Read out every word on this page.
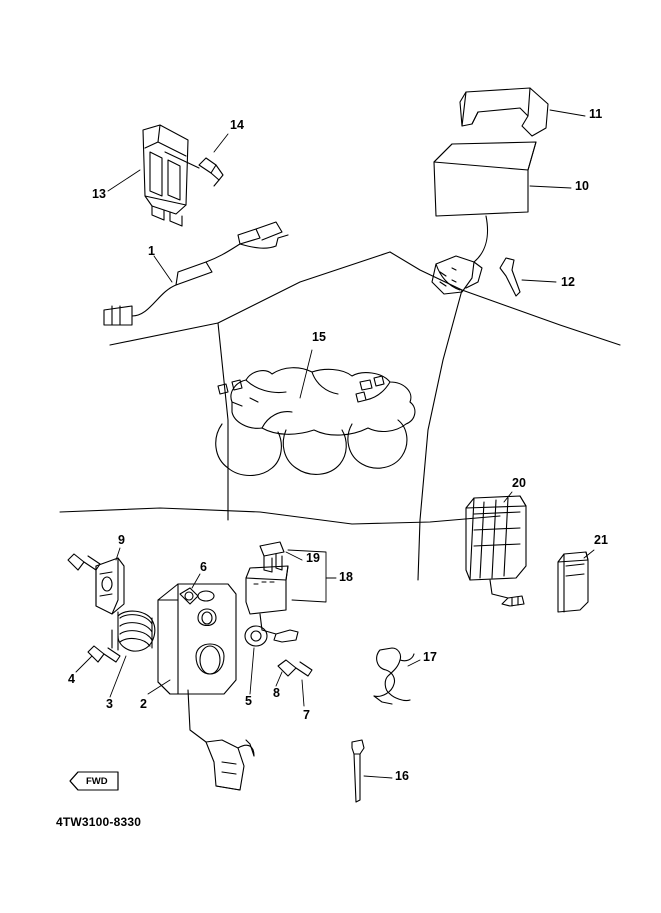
1
2
3
4
5
6
7
8
9
10
11
12
13
14
15
16
17
18
19
20
21
FWD
4TW3100-8330
